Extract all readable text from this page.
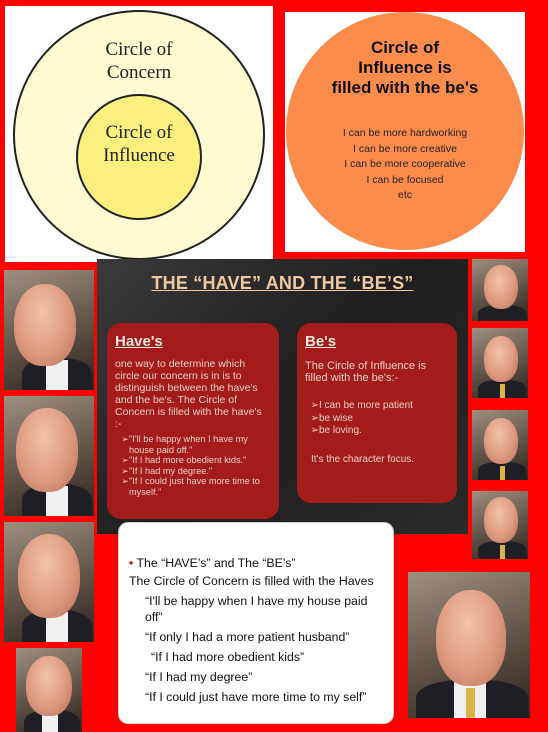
Circle of
Concern
Circle of
Influence
Circle of
Influence is
filled with the be's
I can be more hardworking
I can be more creative
I can be more cooperative
I can be focused
etc
THE “HAVE” AND THE “BE’S”
Have's
one way to determine which circle our concern is in is to distinguish between the have's and the be's. The Circle of Concern is filled with the have's :-
• "I'll be happy when I have my house paid off."
• "If I had more obedient kids."
• "If I had my degree."
• "If I could just have more time to myself."
Be's
The Circle of Influence is filled with the be's:-
• I can be more patient
• be wise
• be loving.
It's the character focus.
• The “HAVE’s” and The “BE’s”
The Circle of Concern is filled with the Haves
“I'll be happy when I have my house paid off”
“If only I had a more patient husband”
“If I had more obedient kids”
“If I had my degree”
“If I could just have more time to my self”
